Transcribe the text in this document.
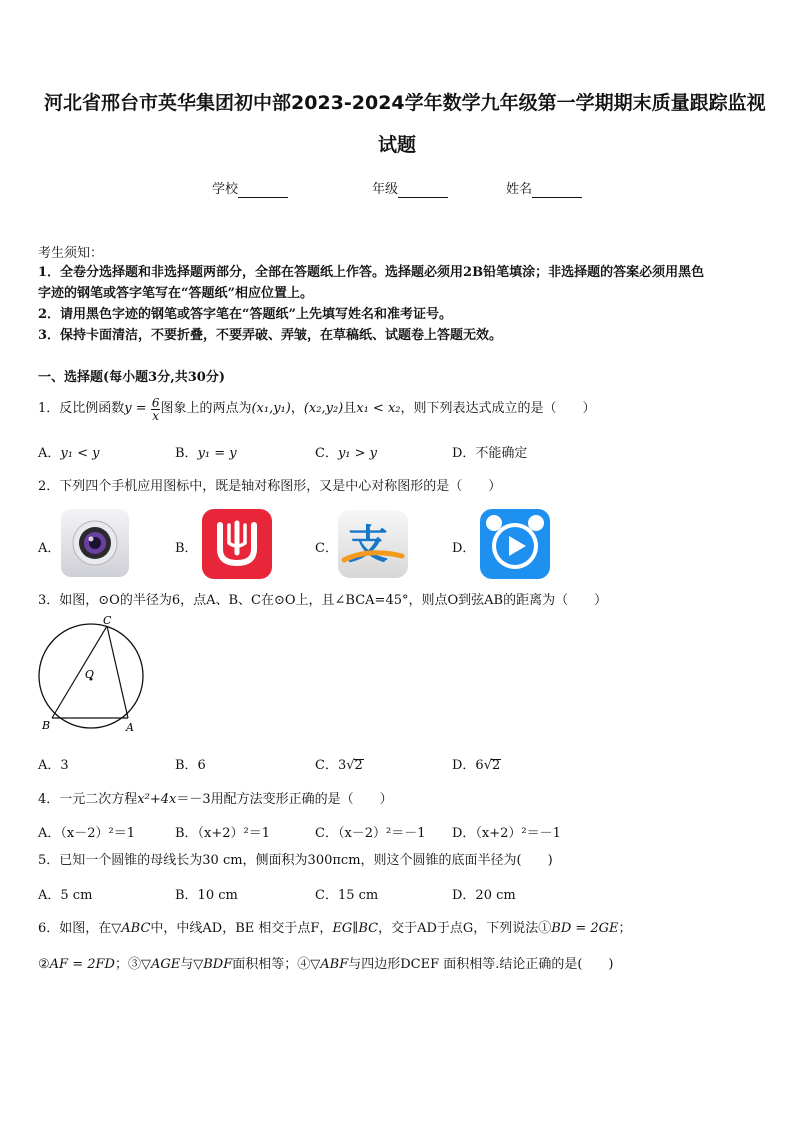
河北省邢台市英华集团初中部2023-2024学年数学九年级第一学期期末质量跟踪监视
试题
学校	年级	姓名
考生须知：
1．全卷分选择题和非选择题两部分，全部在答题纸上作答。选择题必须用2B铅笔填涂；非选择题的答案必须用黑色
字迹的钢笔或答字笔写在“答题纸”相应位置上。
2．请用黑色字迹的钢笔或答字笔在“答题纸”上先填写姓名和准考证号。
3．保持卡面清洁，不要折叠，不要弄破、弄皱，在草稿纸、试题卷上答题无效。
一、选择题(每小题3分,共30分)
1．反比例函数 $y = \frac{6}{x}$ 图象上的两点为 (x₁,y₁) ， (x₂,y₂) 且 x₁ < x₂ ，则下列表达式成立的是（　　）
A．y₁ < y	B．y₁ = y	C．y₁ > y	D．不能确定
2．下列四个手机应用图标中，既是轴对称图形，又是中心对称图形的是（　　）
A．	B．	C．	D．
支
3．如图，⊙O的半径为6，点A、B、C在⊙O上，且∠BCA=45°，则点O到弦AB的距离为（　　）
C
O
B	A
A．3	B．6	C．3√2	D．6√2
4．一元二次方程x²+4x＝－3用配方法变形正确的是（　　）
A．（x－2）²＝1	B．（x+2）²＝1	C．（x－2）²＝－1 D．（x+2）²＝－1
5．已知一个圆锥的母线长为30 cm，侧面积为300πcm，则这个圆锥的底面半径为(　　)
A．5 cm	B．10 cm	C．15 cm	D．20 cm
6．如图，在▽ABC中，中线AD，BE 相交于点F，EG∥BC，交于AD于点G，下列说法①BD = 2GE；
②AF = 2FD；③▽AGE与▽BDF面积相等；④▽ABF与四边形DCEF 面积相等.结论正确的是(　　)
